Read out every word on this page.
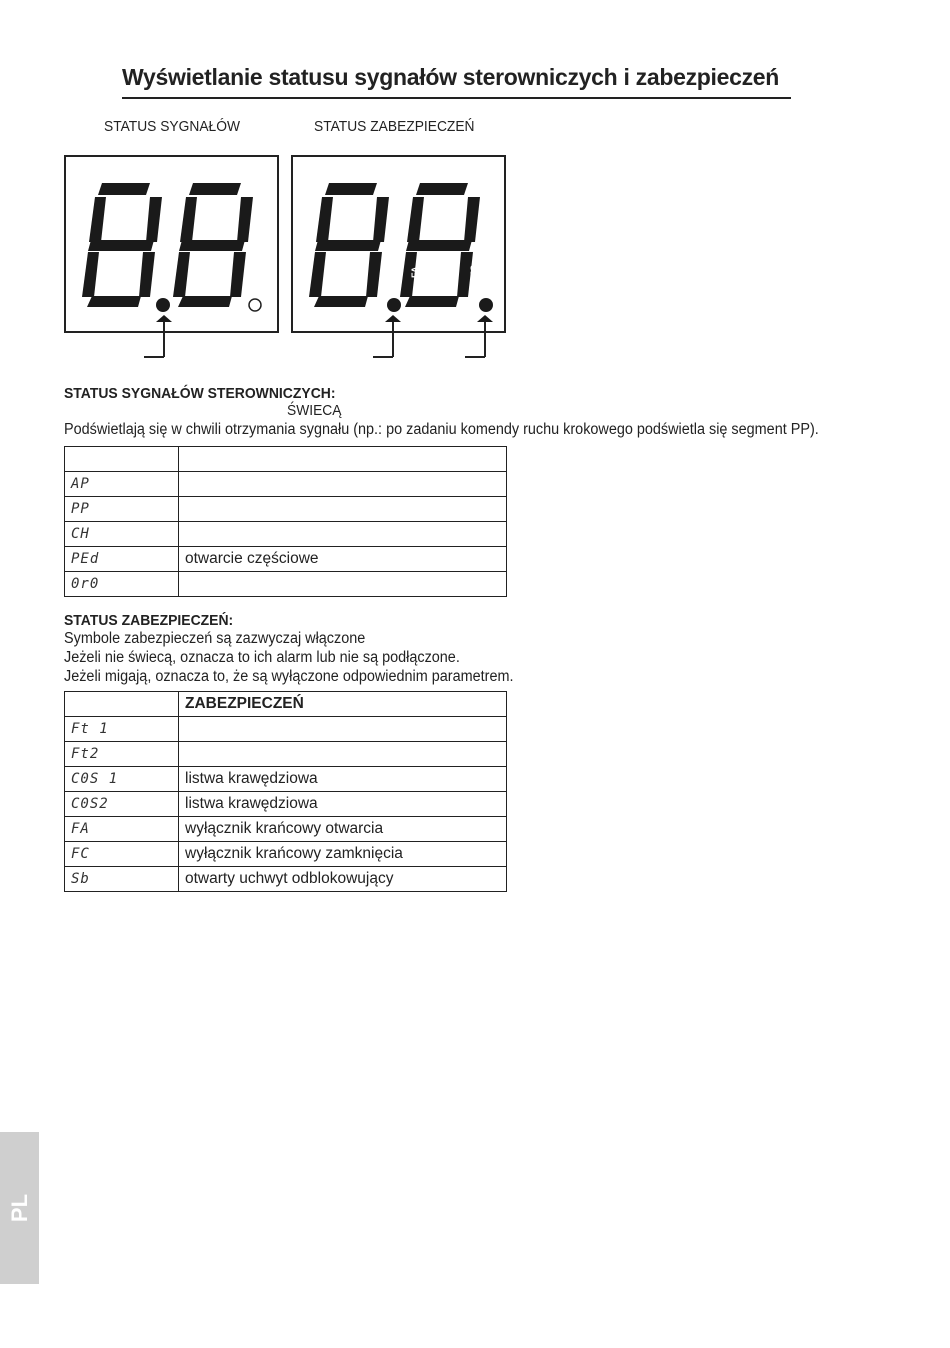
Wyświetlanie statusu sygnałów sterowniczych i zabezpieczeń
STATUS SYGNAŁÓW	STATUS ZABEZPIECZEŃ
FA	FC
STATUS SYGNAŁÓW STEROWNICZYCH:
ŚWIECĄ
Podświetlają się w chwili otrzymania sygnału (np.: po zadaniu komendy ruchu krokowego podświetla się segment PP).

AP	
PP	
CH	
PEd	otwarcie częściowe
0r0	
STATUS ZABEZPIECZEŃ:
Symbole zabezpieczeń są zazwyczaj włączone
Jeżeli nie świecą, oznacza to ich alarm lub nie są podłączone.
Jeżeli migają, oznacza to, że są wyłączone odpowiednim parametrem.
	ZABEZPIECZEŃ
Ft 1	
Ft2	
C0S 1	listwa krawędziowa
C0S2	listwa krawędziowa
FA	wyłącznik krańcowy otwarcia
FC	wyłącznik krańcowy zamknięcia
Sb	otwarty uchwyt odblokowujący
PL
